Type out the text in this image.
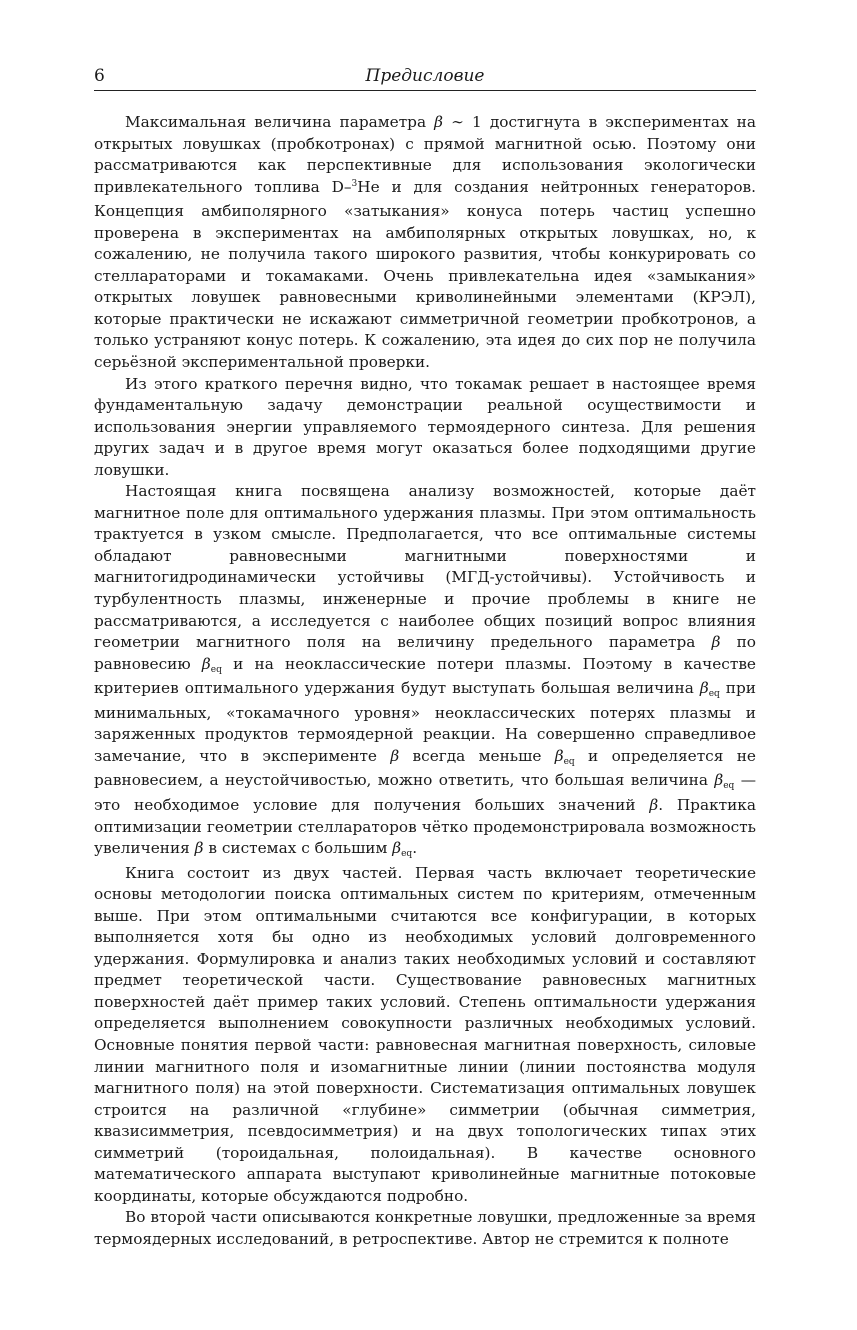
6	Предисловие

Максимальная величина параметра β ∼ 1 достигнута в экспериментах на открытых ловушках (пробкотронах) с прямой магнитной осью. Поэтому они рассматриваются как перспективные для использования экологически привлекательного топлива D–$^3$He и для создания нейтронных генераторов. Концепция амбиполярного «затыкания» конуса потерь частиц успешно проверена в экспериментах на амбиполярных открытых ловушках, но, к сожалению, не получила такого широкого развития, чтобы конкурировать со стеллараторами и токамаками. Очень привлекательна идея «замыкания» открытых ловушек равновесными криволинейными элементами (КРЭЛ), которые практически не искажают симметричной геометрии пробкотронов, а только устраняют конус потерь. К сожалению, эта идея до сих пор не получила серьёзной экспериментальной проверки.

Из этого краткого перечня видно, что токамак решает в настоящее время фундаментальную задачу демонстрации реальной осуществимости и использования энергии управляемого термоядерного синтеза. Для решения других задач и в другое время могут оказаться более подходящими другие ловушки.

Настоящая книга посвящена анализу возможностей, которые даёт магнитное поле для оптимального удержания плазмы. При этом оптимальность трактуется в узком смысле. Предполагается, что все оптимальные системы обладают равновесными магнитными поверхностями и магнитогидродинамически устойчивы (МГД-устойчивы). Устойчивость и турбулентность плазмы, инженерные и прочие проблемы в книге не рассматриваются, а исследуется с наиболее общих позиций вопрос влияния геометрии магнитного поля на величину предельного параметра β по равновесию $\beta_{eq}$ и на неоклассические потери плазмы. Поэтому в качестве критериев оптимального удержания будут выступать большая величина $\beta_{eq}$ при минимальных, «токамачного уровня» неоклассических потерях плазмы и заряженных продуктов термоядерной реакции. На совершенно справедливое замечание, что в эксперименте β всегда меньше $\beta_{eq}$ и определяется не равновесием, а неустойчивостью, можно ответить, что большая величина $\beta_{eq}$ — это необходимое условие для получения больших значений β. Практика оптимизации геометрии стеллараторов чётко продемонстрировала возможность увеличения β в системах с большим $\beta_{eq}$.

Книга состоит из двух частей. Первая часть включает теоретические основы методологии поиска оптимальных систем по критериям, отмеченным выше. При этом оптимальными считаются все конфигурации, в которых выполняется хотя бы одно из необходимых условий долговременного удержания. Формулировка и анализ таких необходимых условий и составляют предмет теоретической части. Существование равновесных магнитных поверхностей даёт пример таких условий. Степень оптимальности удержания определяется выполнением совокупности различных необходимых условий. Основные понятия первой части: равновесная магнитная поверхность, силовые линии магнитного поля и изомагнитные линии (линии постоянства модуля магнитного поля) на этой поверхности. Систематизация оптимальных ловушек строится на различной «глубине» симметрии (обычная симметрия, квазисимметрия, псевдосимметрия) и на двух топологических типах этих симметрий (тороидальная, полоидальная). В качестве основного математического аппарата выступают криволинейные магнитные потоковые координаты, которые обсуждаются подробно.

Во второй части описываются конкретные ловушки, предложенные за время термоядерных исследований, в ретроспективе. Автор не стремится к полноте
